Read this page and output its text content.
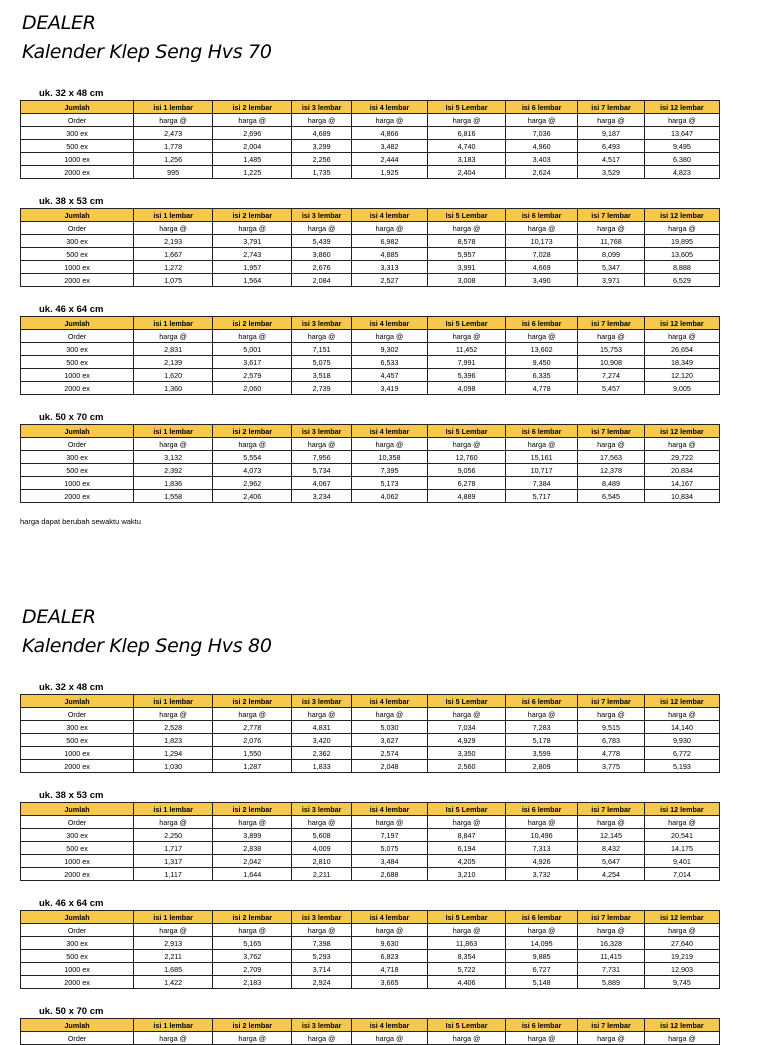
DEALER
Kalender Klep Seng Hvs 70
uk. 32 x 48 cm
Jumlah	isi 1 lembar	isi 2 lembar	isi 3 lembar	isi 4 lembar	Isi 5 Lembar	isi 6 lembar	isi 7 lembar	isi 12 lembar
Order	harga @	harga @	harga @	harga @	harga @	harga @	harga @	harga @
300 ex	2,473	2,696	4,689	4,866	6,816	7,036	9,187	13,647
500 ex	1,778	2,004	3,299	3,482	4,740	4,960	6,493	9,495
1000 ex	1,256	1,485	2,256	2,444	3,183	3,403	4,517	6,380
2000 ex	995	1,225	1,735	1,925	2,404	2,624	3,529	4,823
uk. 38 x 53 cm
Jumlah	isi 1 lembar	isi 2 lembar	isi 3 lembar	isi 4 lembar	Isi 5 Lembar	isi 6 lembar	isi 7 lembar	isi 12 lembar
Order	harga @	harga @	harga @	harga @	harga @	harga @	harga @	harga @
300 ex	2,193	3,791	5,439	6,982	8,578	10,173	11,768	19,895
500 ex	1,667	2,743	3,860	4,885	5,957	7,028	8,099	13,605
1000 ex	1,272	1,957	2,676	3,313	3,991	4,669	5,347	8,888
2000 ex	1,075	1,564	2,084	2,527	3,008	3,490	3,971	6,529
uk. 46 x 64 cm
Jumlah	isi 1 lembar	isi 2 lembar	isi 3 lembar	isi 4 lembar	Isi 5 Lembar	isi 6 lembar	isi 7 lembar	isi 12 lembar
Order	harga @	harga @	harga @	harga @	harga @	harga @	harga @	harga @
300 ex	2,831	5,001	7,151	9,302	11,452	13,602	15,753	26,654
500 ex	2,139	3,617	5,075	6,533	7,991	9,450	10,908	18,349
1000 ex	1,620	2,579	3,518	4,457	5,396	6,335	7,274	12,120
2000 ex	1,360	2,060	2,739	3,419	4,098	4,778	5,457	9,005
uk. 50 x 70 cm
Jumlah	isi 1 lembar	isi 2 lembar	isi 3 lembar	isi 4 lembar	Isi 5 Lembar	isi 6 lembar	isi 7 lembar	isi 12 lembar
Order	harga @	harga @	harga @	harga @	harga @	harga @	harga @	harga @
300 ex	3,132	5,554	7,956	10,358	12,760	15,161	17,563	29,722
500 ex	2,392	4,073	5,734	7,395	9,056	10,717	12,378	20,834
1000 ex	1,836	2,962	4,067	5,173	6,278	7,384	8,489	14,167
2000 ex	1,558	2,406	3,234	4,062	4,889	5,717	6,545	10,834
harga dapat berubah sewaktu waktu
DEALER
Kalender Klep Seng Hvs 80
uk. 32 x 48 cm
Jumlah	isi 1 lembar	isi 2 lembar	isi 3 lembar	isi 4 lembar	Isi 5 Lembar	isi 6 lembar	isi 7 lembar	isi 12 lembar
Order	harga @	harga @	harga @	harga @	harga @	harga @	harga @	harga @
300 ex	2,528	2,778	4,831	5,030	7,034	7,283	9,515	14,140
500 ex	1,823	2,076	3,420	3,627	4,929	5,178	6,783	9,930
1000 ex	1,294	1,550	2,362	2,574	3,350	3,599	4,778	6,772
2000 ex	1,030	1,287	1,833	2,048	2,560	2,809	3,775	5,193
uk. 38 x 53 cm
Jumlah	isi 1 lembar	isi 2 lembar	isi 3 lembar	isi 4 lembar	Isi 5 Lembar	isi 6 lembar	isi 7 lembar	isi 12 lembar
Order	harga @	harga @	harga @	harga @	harga @	harga @	harga @	harga @
300 ex	2,250	3,899	5,608	7,197	8,847	10,496	12,145	20,541
500 ex	1,717	2,838	4,009	5,075	6,194	7,313	8,432	14,175
1000 ex	1,317	2,042	2,810	3,484	4,205	4,926	5,647	9,401
2000 ex	1,117	1,644	2,211	2,688	3,210	3,732	4,254	7,014
uk. 46 x 64 cm
Jumlah	isi 1 lembar	isi 2 lembar	isi 3 lembar	isi 4 lembar	Isi 5 Lembar	isi 6 lembar	isi 7 lembar	isi 12 lembar
Order	harga @	harga @	harga @	harga @	harga @	harga @	harga @	harga @
300 ex	2,913	5,165	7,398	9,630	11,863	14,095	16,328	27,640
500 ex	2,211	3,762	5,293	6,823	8,354	9,885	11,415	19,219
1000 ex	1,685	2,709	3,714	4,718	5,722	6,727	7,731	12,903
2000 ex	1,422	2,183	2,924	3,665	4,406	5,148	5,889	9,745
uk. 50 x 70 cm
Jumlah	isi 1 lembar	isi 2 lembar	isi 3 lembar	isi 4 lembar	Isi 5 Lembar	isi 6 lembar	isi 7 lembar	isi 12 lembar
Order	harga @	harga @	harga @	harga @	harga @	harga @	harga @	harga @
